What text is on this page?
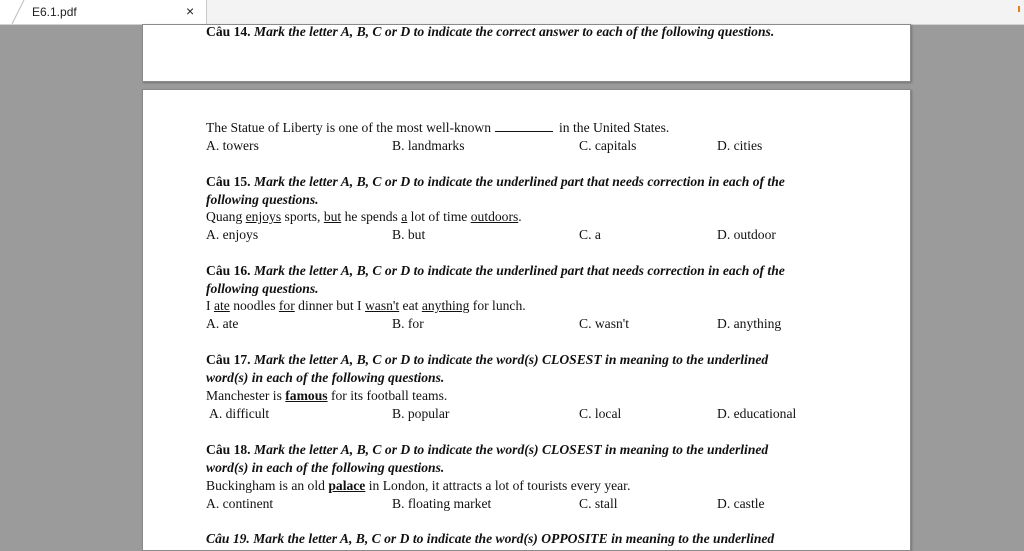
E6.1.pdf	×
Câu 14. Mark the letter A, B, C or D to indicate the correct answer to each of the following questions.
The Statue of Liberty is one of the most well-known	in the United States.
A. towers	B. landmarks	C. capitals	D. cities
Câu 15. Mark the letter A, B, C or D to indicate the underlined part that needs correction in each of the
following questions.
Quang enjoys sports, but he spends a lot of time outdoors.
A. enjoys	B. but	C. a	D. outdoor
Câu 16. Mark the letter A, B, C or D to indicate the underlined part that needs correction in each of the
following questions.
I ate noodles for dinner but I wasn't eat anything for lunch.
A. ate	B. for	C. wasn't	D. anything
Câu 17. Mark the letter A, B, C or D to indicate the word(s) CLOSEST in meaning to the underlined
word(s) in each of the following questions.
Manchester is famous for its football teams.
A. difficult	B. popular	C. local	D. educational
Câu 18. Mark the letter A, B, C or D to indicate the word(s) CLOSEST in meaning to the underlined
word(s) in each of the following questions.
Buckingham is an old palace in London, it attracts a lot of tourists every year.
A. continent	B. floating market	C. stall	D. castle
Câu 19. Mark the letter A, B, C or D to indicate the word(s) OPPOSITE in meaning to the underlined
